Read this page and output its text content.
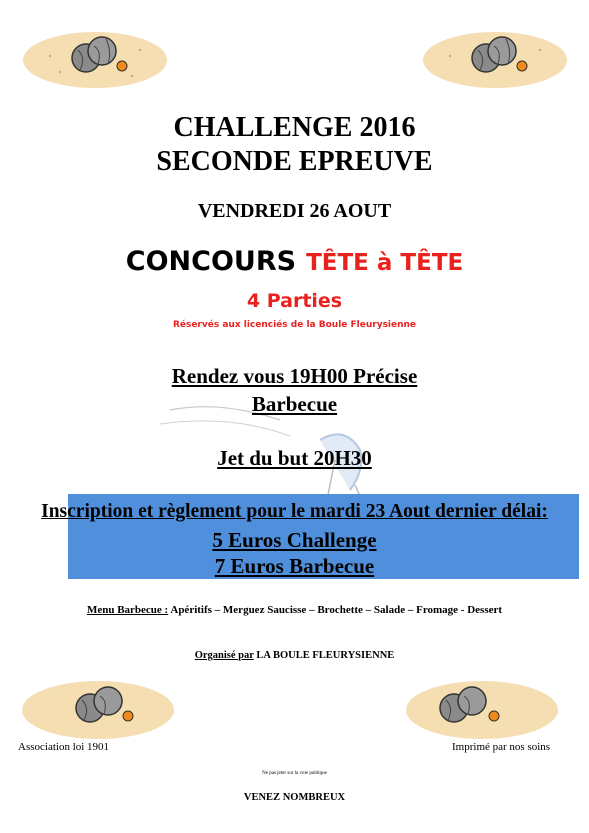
CHALLENGE 2016
SECONDE EPREUVE
VENDREDI 26 AOUT
CONCOURS TÊTE à TÊTE
4 Parties
Réservés aux licenciés de la Boule Fleurysienne
Rendez vous 19H00 Précise
Barbecue
Jet du but 20H30
Inscription et règlement pour le mardi 23 Aout dernier délai:
5 Euros Challenge
7 Euros Barbecue
Menu Barbecue : Apéritifs – Merguez Saucisse – Brochette – Salade – Fromage - Dessert
Organisé par LA BOULE FLEURYSIENNE
Association loi 1901	Imprimé par nos soins
Ne pas jeter sur la voie publique
VENEZ NOMBREUX
